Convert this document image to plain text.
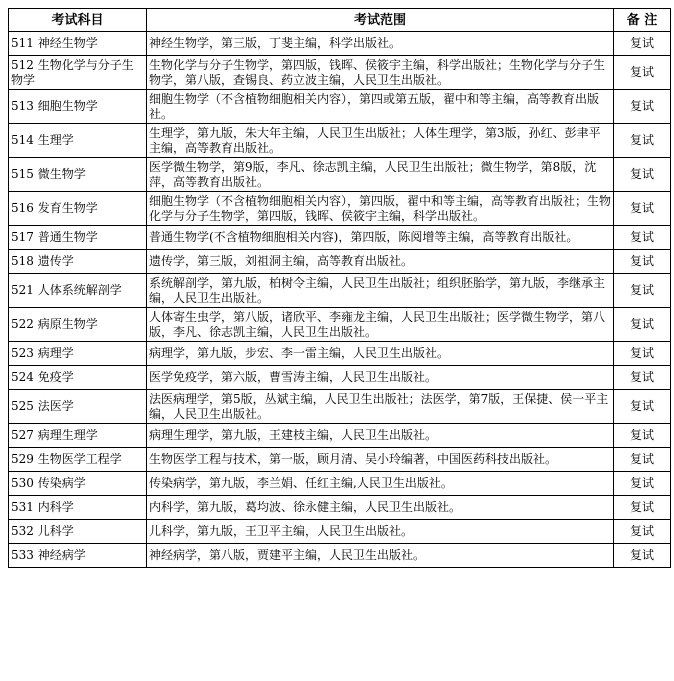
考试科目	考试范围	备 注
511 神经生物学	神经生物学，第三版，丁斐主编，科学出版社。	复试
512 生物化学与分子生物学	生物化学与分子生物学，第四版，钱晖、侯筱宇主编，科学出版社；生物化学与分子生物学，第八版，查锡良、药立波主编，人民卫生出版社。	复试
513 细胞生物学	细胞生物学（不含植物细胞相关内容），第四或第五版，翟中和等主编，高等教育出版社。	复试
514 生理学	生理学，第九版，朱大年主编，人民卫生出版社；人体生理学，第3版，孙红、彭聿平主编，高等教育出版社。	复试
515 微生物学	医学微生物学，第9版，李凡、徐志凯主编，人民卫生出版社；微生物学，第8版，沈萍，高等教育出版社。	复试
516 发育生物学	细胞生物学（不含植物细胞相关内容），第四版，翟中和等主编，高等教育出版社；生物化学与分子生物学，第四版，钱晖、侯筱宇主编，科学出版社。	复试
517 普通生物学	普通生物学(不含植物细胞相关内容)，第四版，陈阅增等主编，高等教育出版社。	复试
518 遗传学	遗传学，第三版，刘祖洞主编，高等教育出版社。	复试
521 人体系统解剖学	系统解剖学，第九版，柏树令主编，人民卫生出版社；组织胚胎学，第九版，李继承主编，人民卫生出版社。	复试
522 病原生物学	人体寄生虫学，第八版，诸欣平、李雍龙主编，人民卫生出版社；医学微生物学，第八版，李凡、徐志凯主编，人民卫生出版社。	复试
523 病理学	病理学，第九版，步宏、李一雷主编，人民卫生出版社。	复试
524 免疫学	医学免疫学，第六版，曹雪涛主编，人民卫生出版社。	复试
525 法医学	法医病理学，第5版，丛斌主编，人民卫生出版社；法医学，第7版，王保捷、侯一平主编，人民卫生出版社。	复试
527 病理生理学	病理生理学，第九版，王建枝主编，人民卫生出版社。	复试
529 生物医学工程学	生物医学工程与技术，第一版，顾月清、吴小玲编著，中国医药科技出版社。	复试
530 传染病学	传染病学，第九版，李兰娟、任红主编,人民卫生出版社。	复试
531 内科学	内科学，第九版，葛均波、徐永健主编，人民卫生出版社。	复试
532 儿科学	儿科学，第九版，王卫平主编，人民卫生出版社。	复试
533 神经病学	神经病学，第八版，贾建平主编，人民卫生出版社。	复试
